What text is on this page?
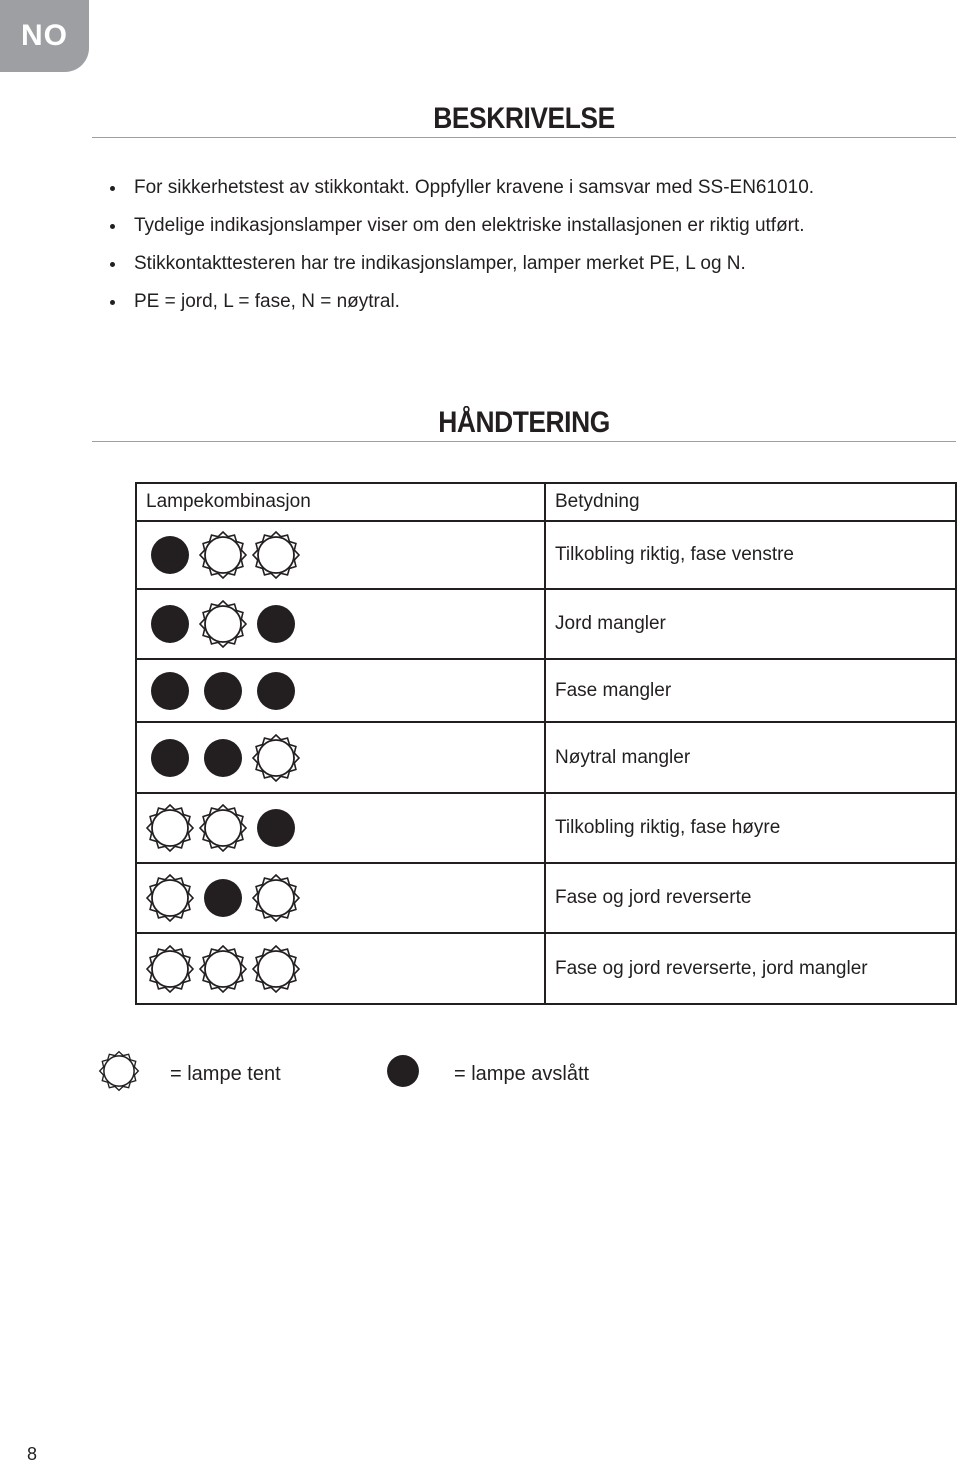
NO
BESKRIVELSE
For sikkerhetstest av stikkontakt. Oppfyller kravene i samsvar med SS-EN61010.
Tydelige indikasjonslamper viser om den elektriske installasjonen er riktig utført.
Stikkontakttesteren har tre indikasjonslamper, lamper merket PE, L og N.
PE = jord, L = fase, N = nøytral.
HÅNDTERING
Lampekombinasjon	Betydning

	Tilkobling riktig, fase venstre

	Jord mangler

	Fase mangler

	Nøytral mangler

	Tilkobling riktig, fase høyre

	Fase og jord reverserte

	Fase og jord reverserte, jord mangler
= lampe tent	= lampe avslått
8
